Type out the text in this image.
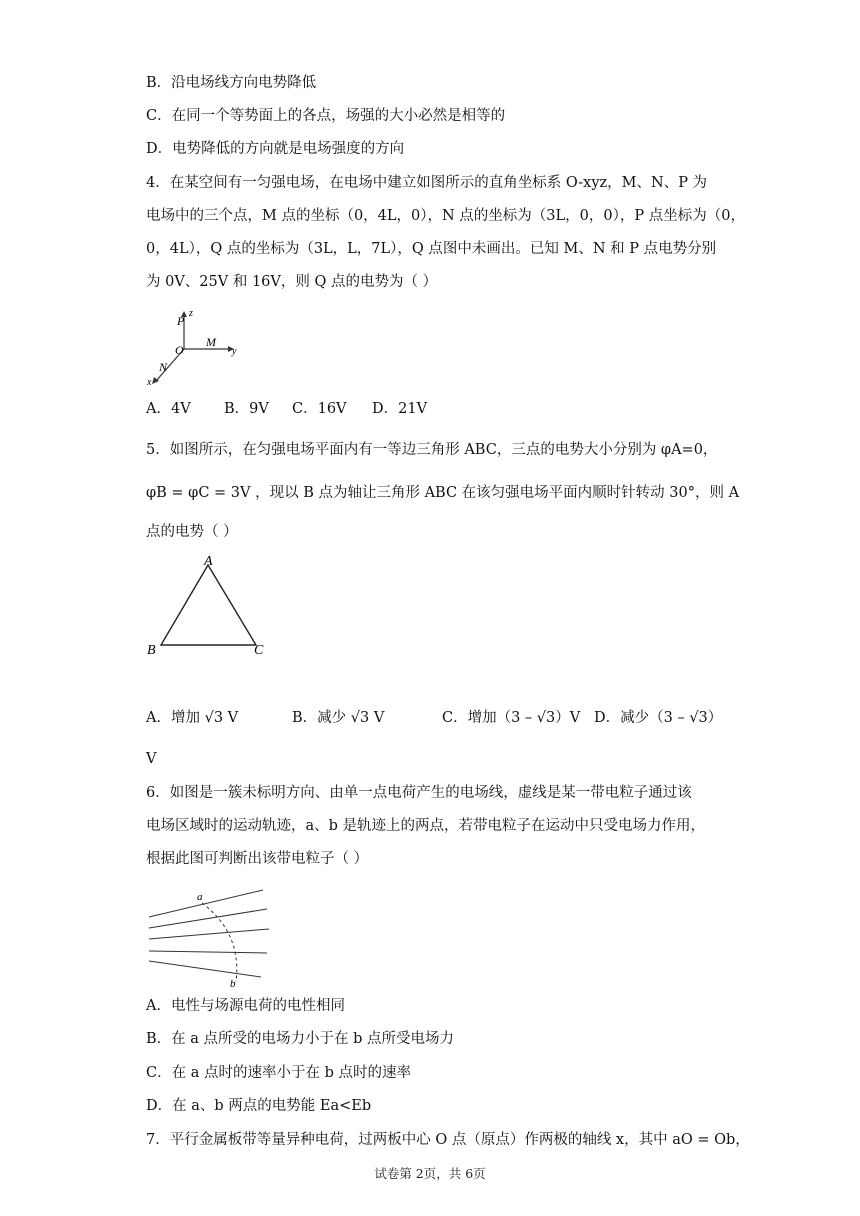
B．沿电场线方向电势降低
C．在同一个等势面上的各点，场强的大小必然是相等的
D．电势降低的方向就是电场强度的方向
4．在某空间有一匀强电场，在电场中建立如图所示的直角坐标系 O-xyz，M、N、P 为
电场中的三个点，M 点的坐标（0，4L，0），N 点的坐标为（3L，0，0），P 点坐标为（0，
0，4L），Q 点的坐标为（3L，L，7L），Q 点图中未画出。已知 M、N 和 P 点电势分别
为 0V、25V 和 16V，则 Q 点的电势为（ ）
P
z
O
M
y
N
x
A．4V B．9V C．16V D．21V
5．如图所示，在匀强电场平面内有一等边三角形 ABC，三点的电势大小分别为 φA=0，
φB = φC = 3V ，现以 B 点为轴让三角形 ABC 在该匀强电场平面内顺时针转动 30°，则 A
点的电势（ ）
A
B	C
A．增加 √3 V	B．减少 √3 V	C．增加（3 – √3）V D．减少（3 – √3）
V
6．如图是一簇未标明方向、由单一点电荷产生的电场线，虚线是某一带电粒子通过该
电场区域时的运动轨迹，a、b 是轨迹上的两点，若带电粒子在运动中只受电场力作用，
根据此图可判断出该带电粒子（ ）
a
b
A．电性与场源电荷的电性相同
B．在 a 点所受的电场力小于在 b 点所受电场力
C．在 a 点时的速率小于在 b 点时的速率
D．在 a、b 两点的电势能 Ea<Eb
7．平行金属板带等量异种电荷，过两板中心 O 点（原点）作两极的轴线 x，其中 aO = Ob，
试卷第 2页，共 6页
